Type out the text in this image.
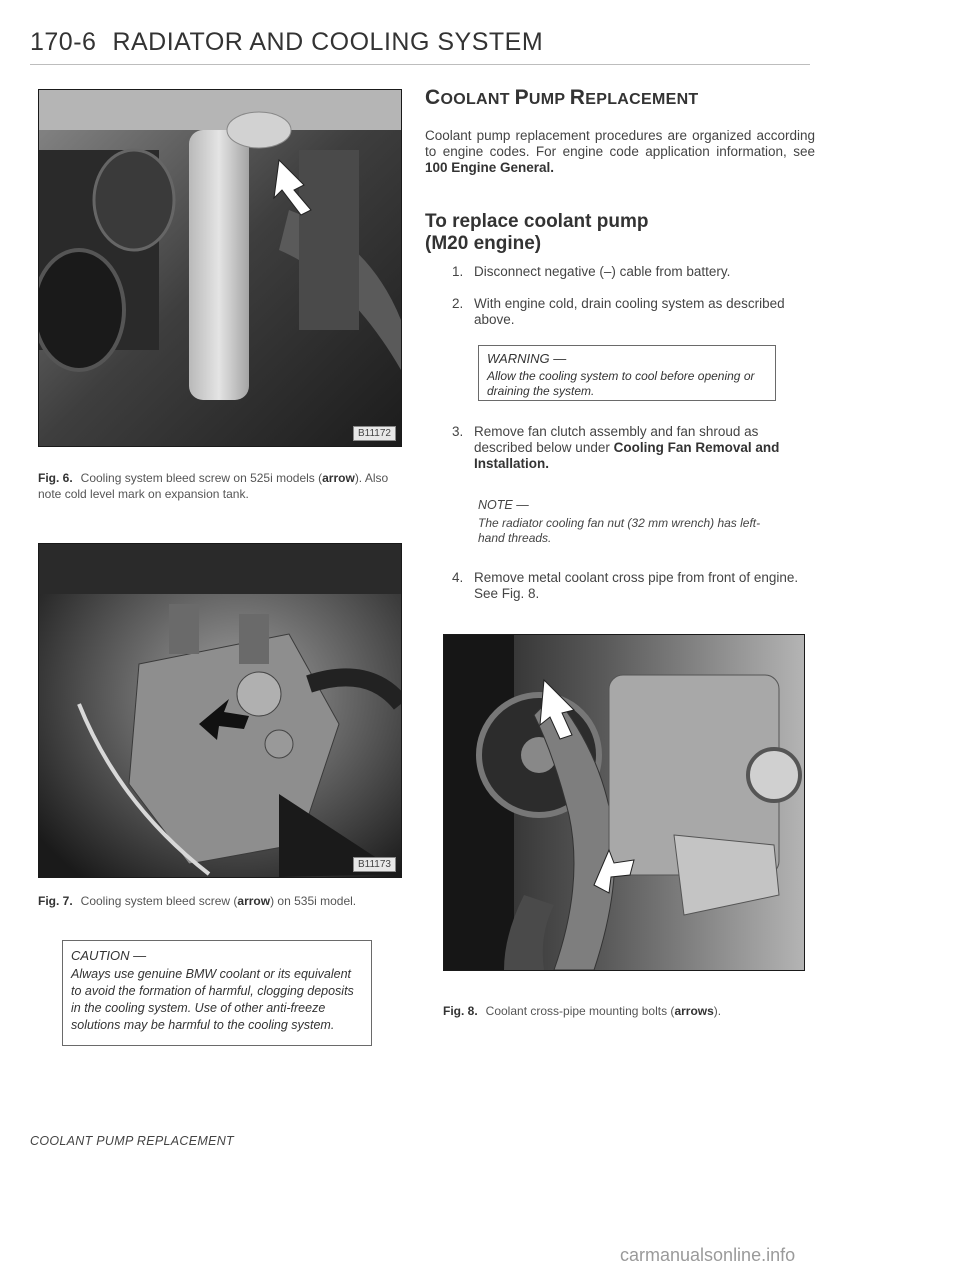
170-6 RADIATOR AND COOLING SYSTEM
B11172
Fig. 6. Cooling system bleed screw on 525i models (arrow). Also note cold level mark on expansion tank.
B11173
Fig. 7. Cooling system bleed screw (arrow) on 535i model.
CAUTION —
Always use genuine BMW coolant or its equivalent to avoid the formation of harmful, clogging deposits in the cooling system. Use of other anti-freeze solutions may be harmful to the cooling system.
COOLANT PUMP REPLACEMENT
Coolant pump replacement procedures are organized according to engine codes. For engine code application information, see 100 Engine General.
To replace coolant pump
(M20 engine)
1. Disconnect negative (–) cable from battery.
2. With engine cold, drain cooling system as described above.
WARNING —
Allow the cooling system to cool before opening or draining the system.
3. Remove fan clutch assembly and fan shroud as described below under Cooling Fan Removal and Installation.
NOTE —
The radiator cooling fan nut (32 mm wrench) has left-hand threads.
4. Remove metal coolant cross pipe from front of engine. See Fig. 8.
Fig. 8. Coolant cross-pipe mounting bolts (arrows).
COOLANT PUMP REPLACEMENT
carmanualsonline.info
